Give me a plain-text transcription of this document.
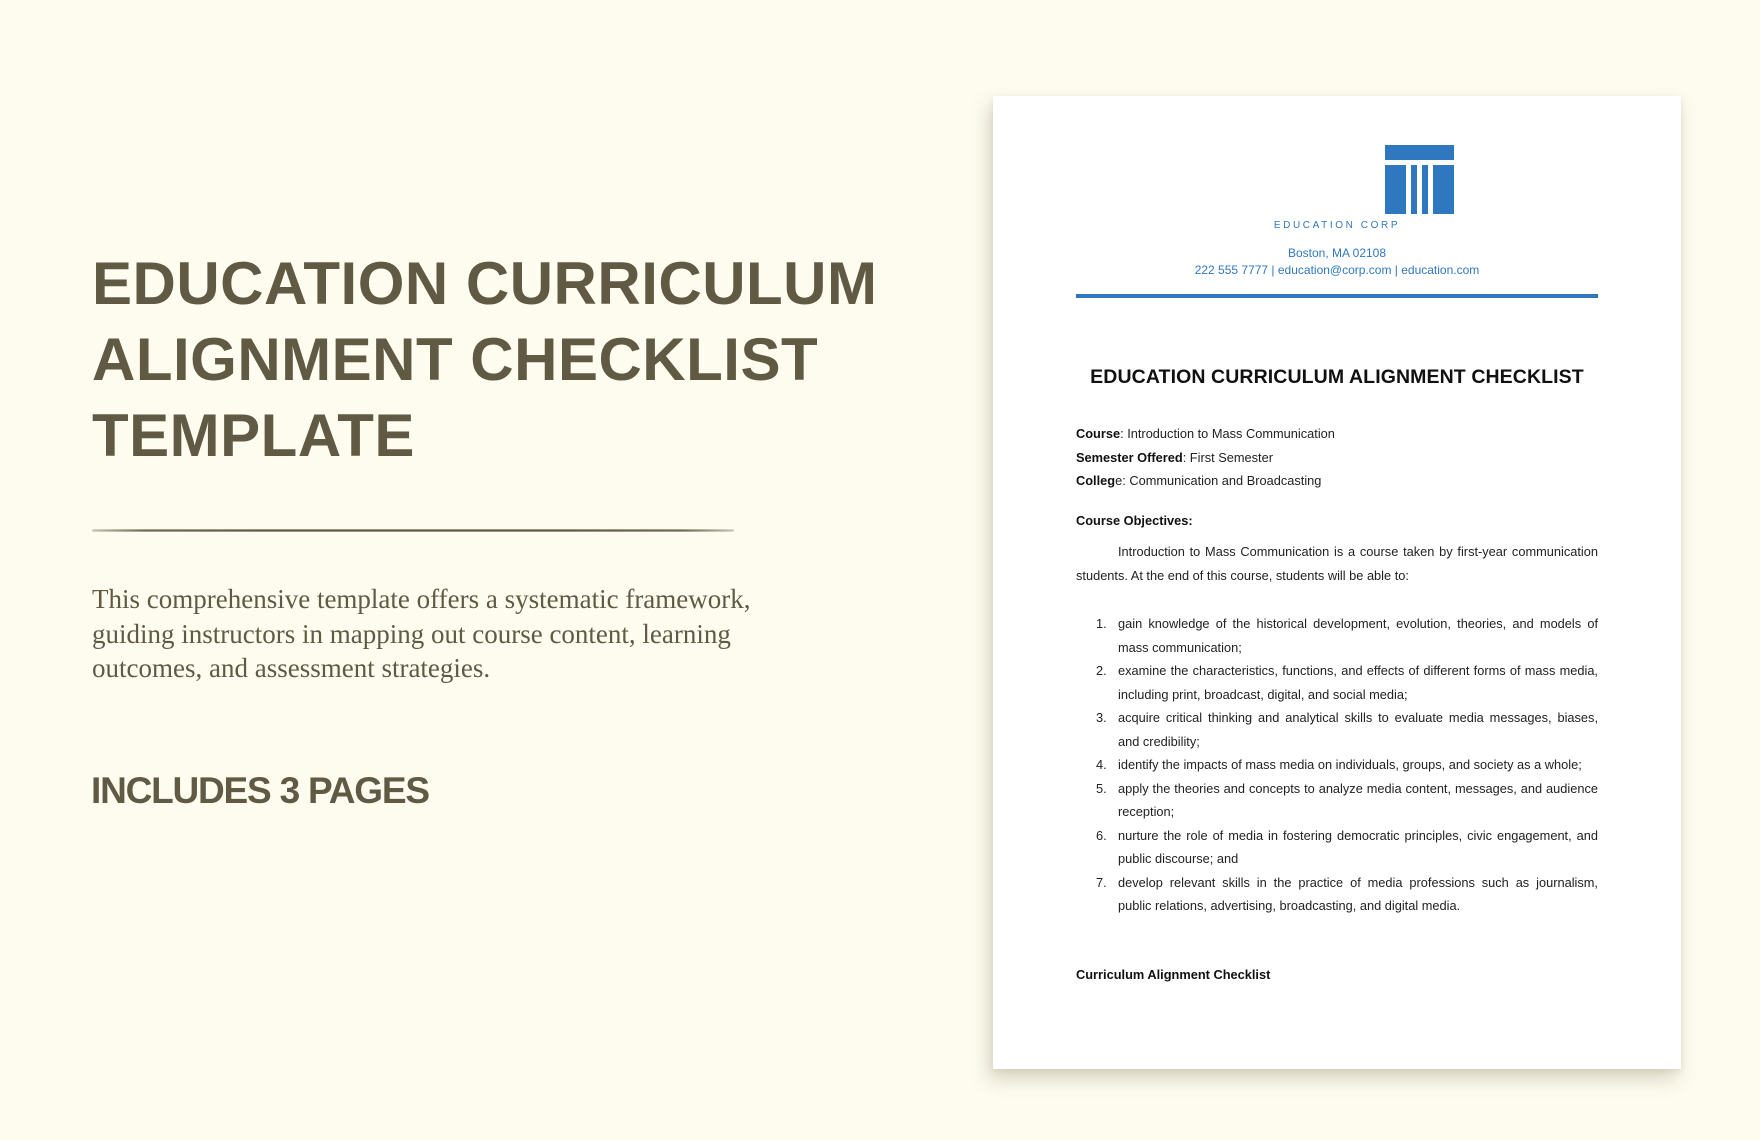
EDUCATION CURRICULUM
ALIGNMENT CHECKLIST
TEMPLATE

This comprehensive template offers a systematic framework, guiding instructors in mapping out course content, learning outcomes, and assessment strategies.

INCLUDES 3 PAGES
EDUCATION CORP
Boston, MA 02108
222 555 7777 | education@corp.com | education.com
EDUCATION CURRICULUM ALIGNMENT CHECKLIST
Course: Introduction to Mass Communication
Semester Offered: First Semester
College: Communication and Broadcasting
Course Objectives:

Introduction to Mass Communication is a course taken by first-year communication students. At the end of this course, students will be able to:

1. gain knowledge of the historical development, evolution, theories, and models of mass communication;
2. examine the characteristics, functions, and effects of different forms of mass media, including print, broadcast, digital, and social media;
3. acquire critical thinking and analytical skills to evaluate media messages, biases, and credibility;
4. identify the impacts of mass media on individuals, groups, and society as a whole;
5. apply the theories and concepts to analyze media content, messages, and audience reception;
6. nurture the role of media in fostering democratic principles, civic engagement, and public discourse; and
7. develop relevant skills in the practice of media professions such as journalism, public relations, advertising, broadcasting, and digital media.
Curriculum Alignment Checklist
